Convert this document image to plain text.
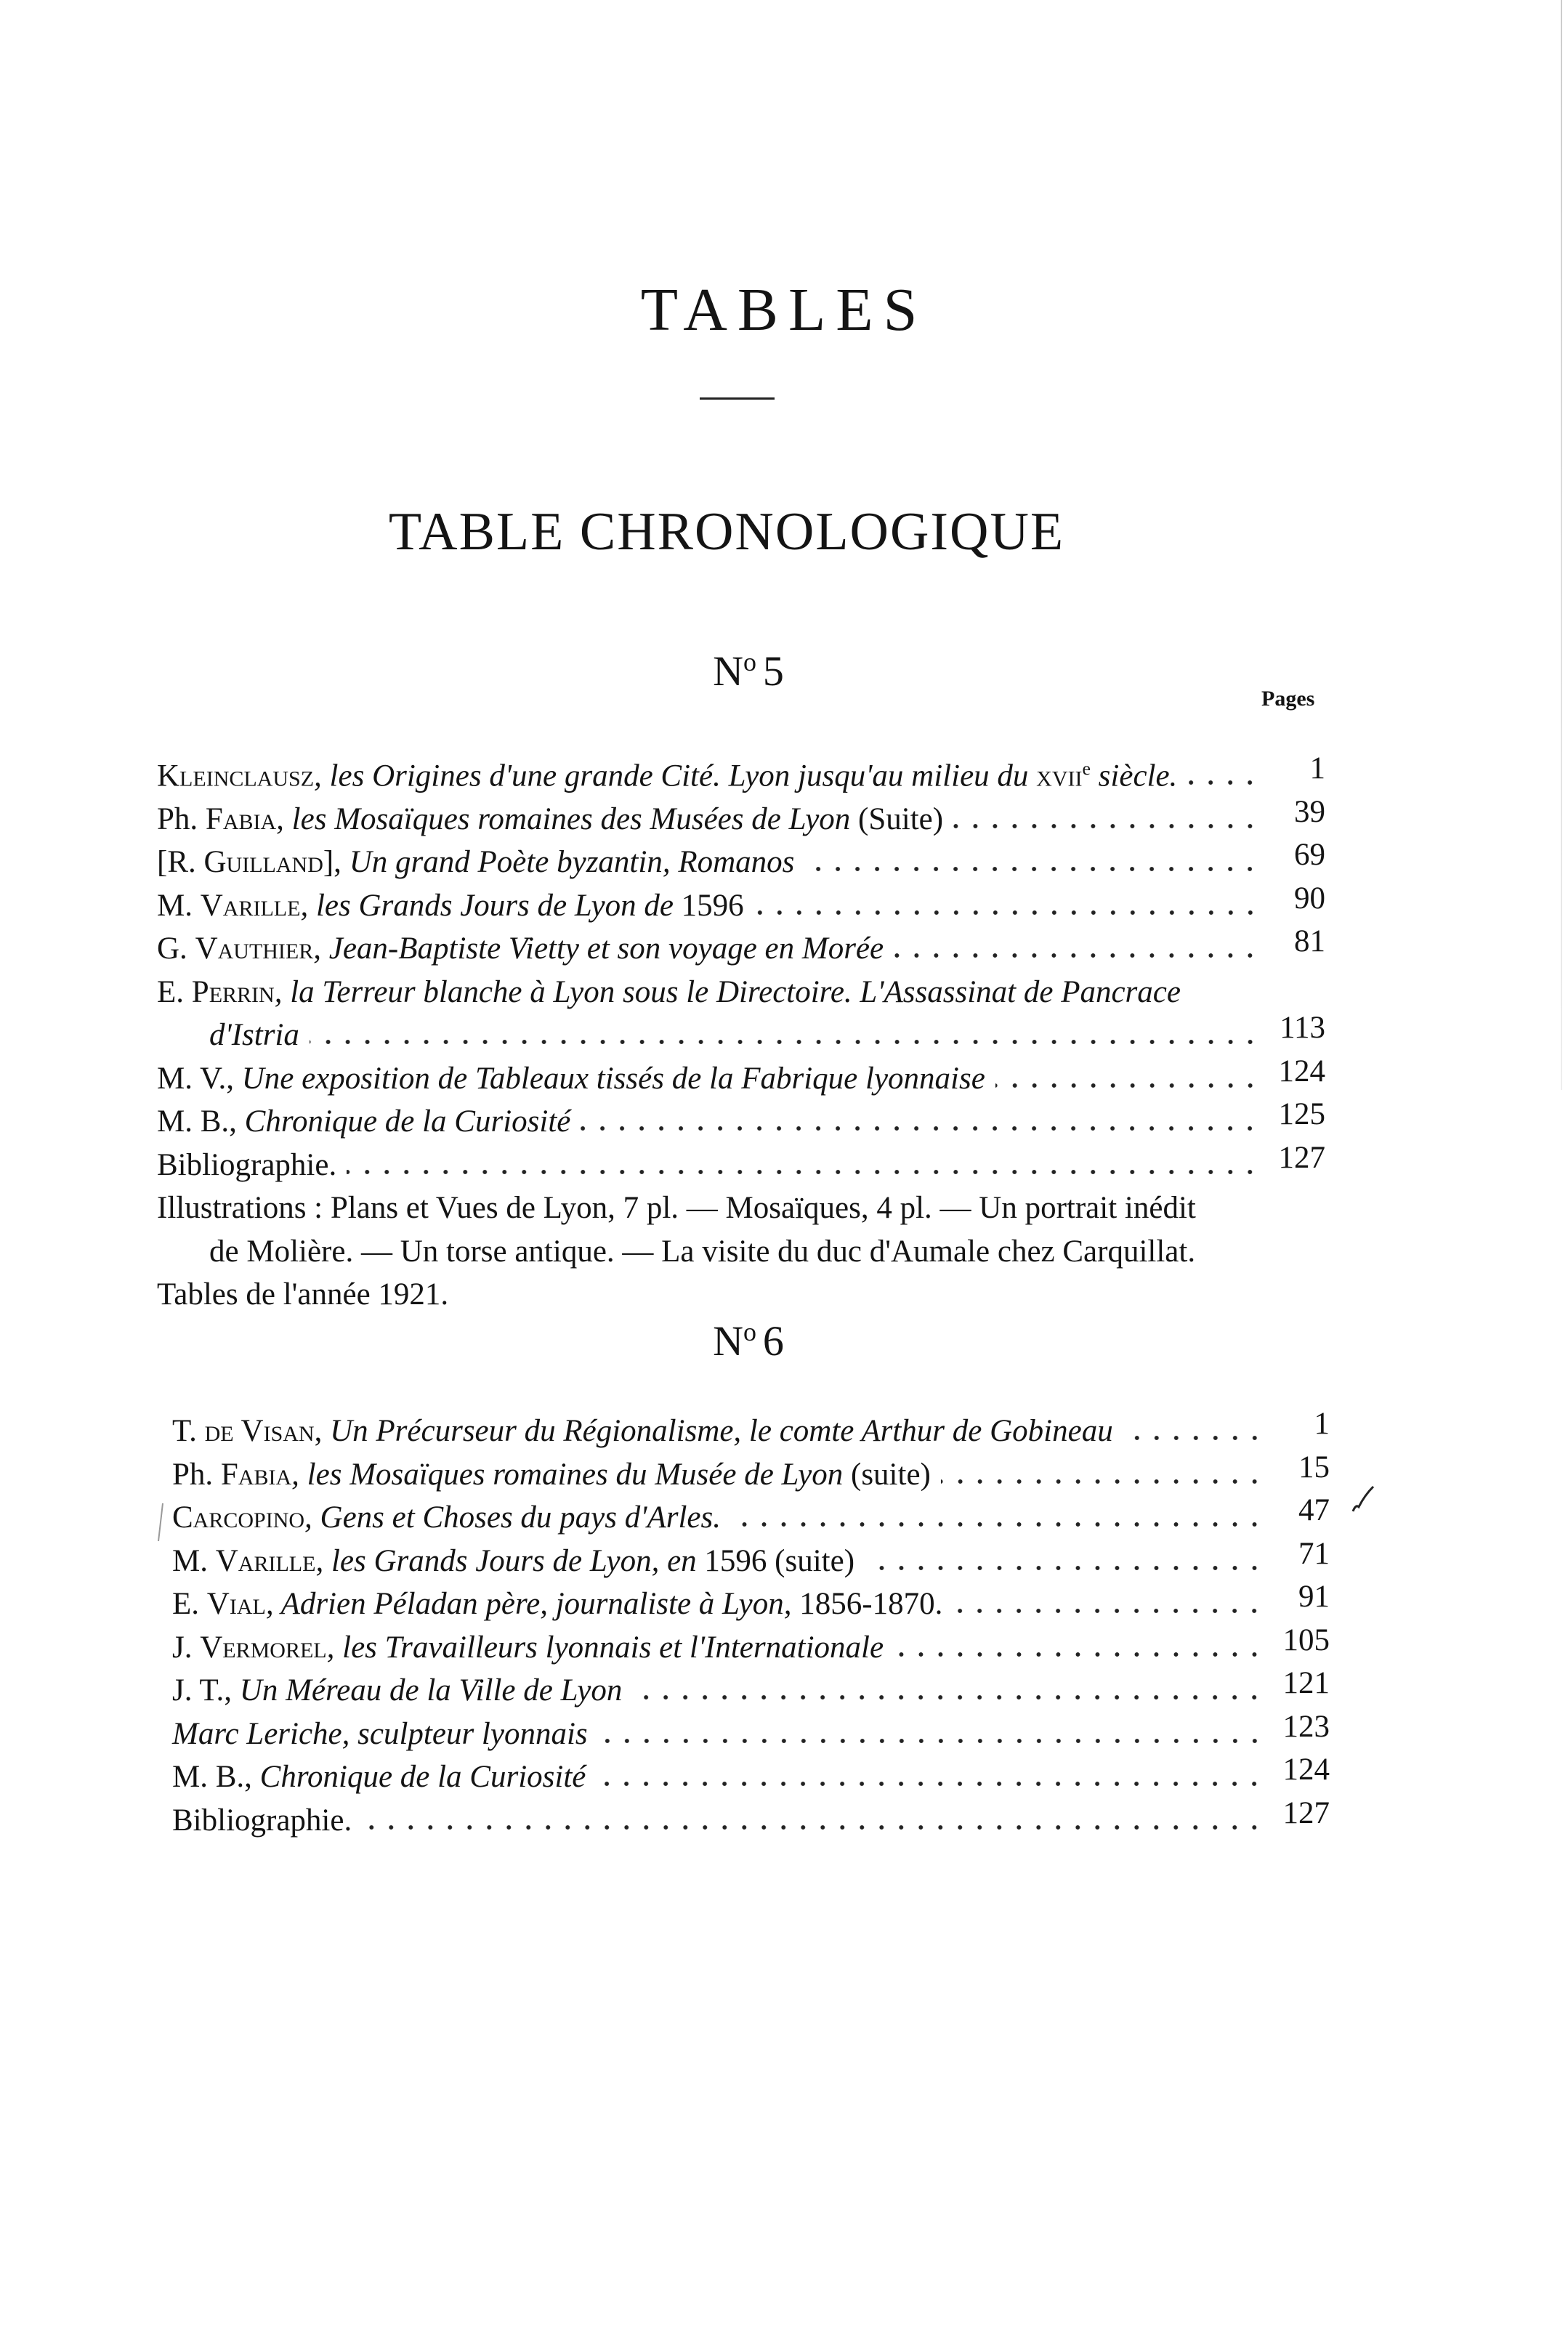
TABLES
TABLE CHRONOLOGIQUE
$N^o$ 5
Pages
Kleinclausz, les Origines d'une grande Cité. Lyon jusqu'au milieu du xvii$^e$ siècle.	1
Ph. Fabia, les Mosaïques romaines des Musées de Lyon (Suite)	39
[R. Guilland], Un grand Poète byzantin, Romanos	69
M. Varille, les Grands Jours de Lyon de 1596	90
G. Vauthier, Jean-Baptiste Vietty et son voyage en Morée	81
E. Perrin, la Terreur blanche à Lyon sous le Directoire. L'Assassinat de Pancrace
d'Istria	113
M. V., Une exposition de Tableaux tissés de la Fabrique lyonnaise	124
M. B., Chronique de la Curiosité	125
Bibliographie.	127
Illustrations : Plans et Vues de Lyon, 7 pl. — Mosaïques, 4 pl. — Un portrait inédit
de Molière. — Un torse antique. — La visite du duc d'Aumale chez Carquillat.
Tables de l'année 1921.
$N^o$ 6
T. de Visan, Un Précurseur du Régionalisme, le comte Arthur de Gobineau	1
Ph. Fabia, les Mosaïques romaines du Musée de Lyon (suite)	15
Carcopino, Gens et Choses du pays d'Arles.	47
M. Varille, les Grands Jours de Lyon, en 1596 (suite)	71
E. Vial, Adrien Péladan père, journaliste à Lyon, 1856-1870.	91
J. Vermorel, les Travailleurs lyonnais et l'Internationale	105
J. T., Un Méreau de la Ville de Lyon	121
Marc Leriche, sculpteur lyonnais	123
M. B., Chronique de la Curiosité	124
Bibliographie.	127
